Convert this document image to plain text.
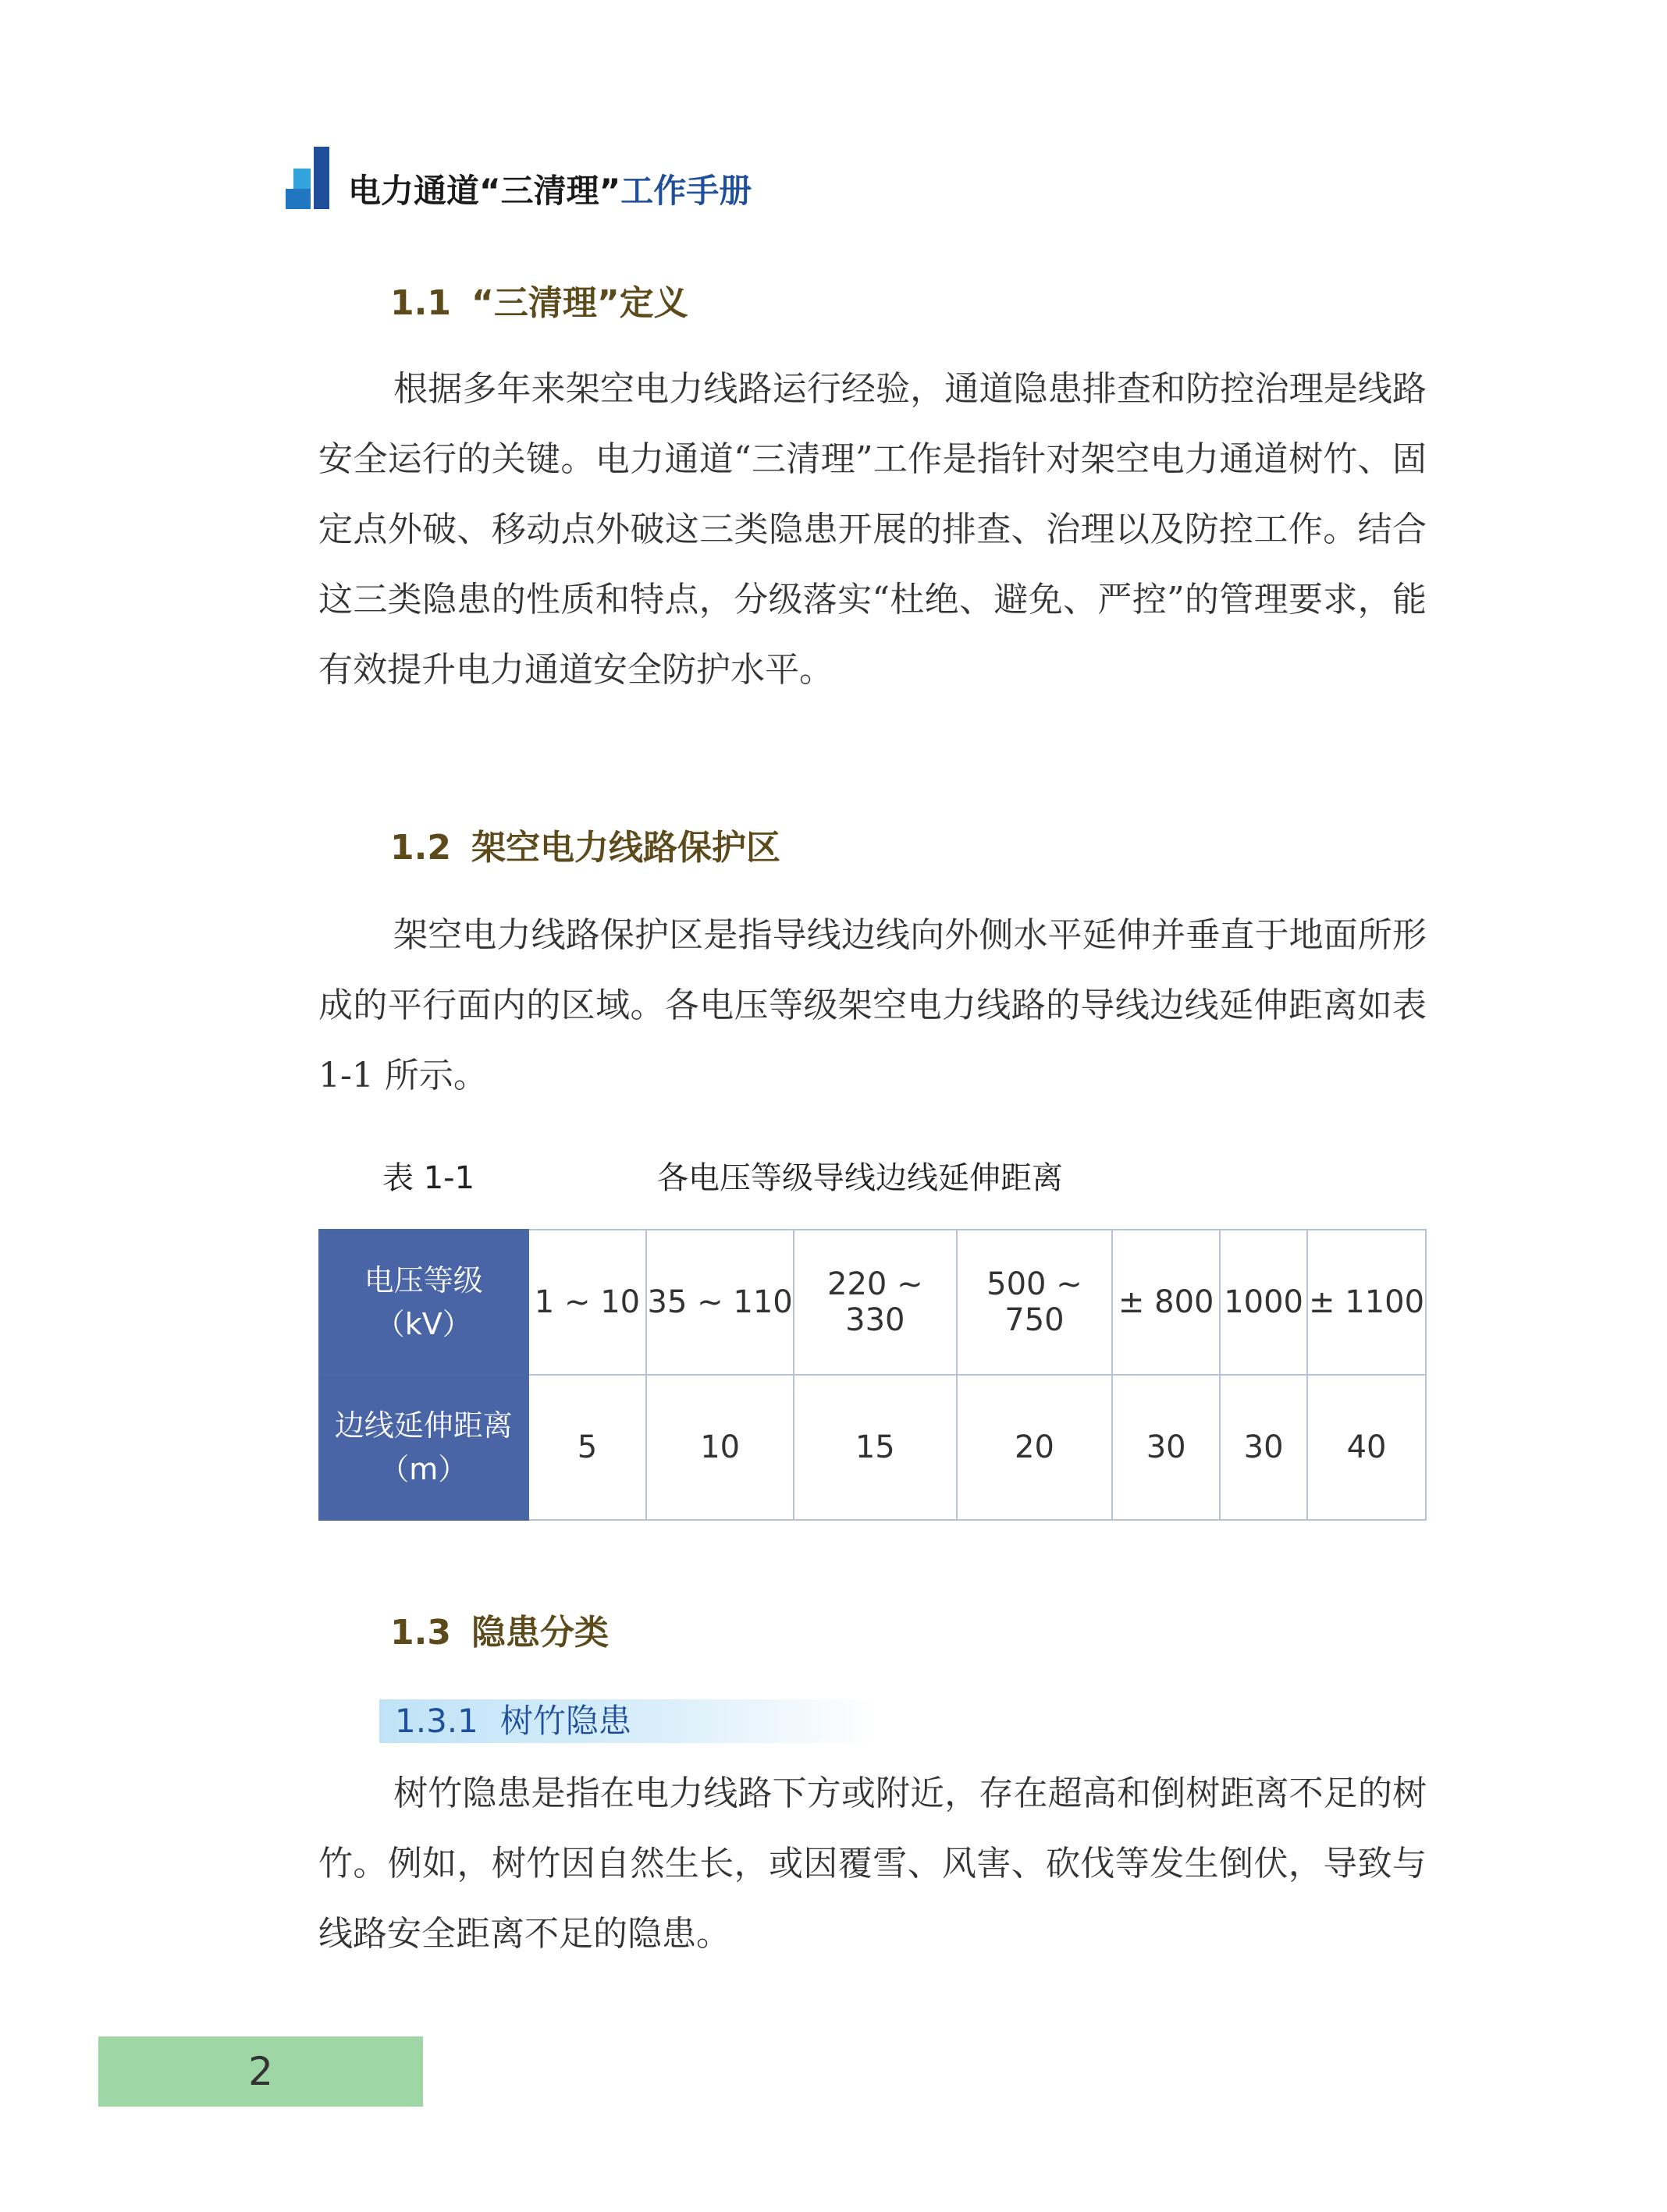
电力通道“三清理”工作手册
1.1 “三清理”定义
根据多年来架空电力线路运行经验，通道隐患排查和防控治理是线路安全运行的关键。电力通道“三清理”工作是指针对架空电力通道树竹、固定点外破、移动点外破这三类隐患开展的排查、治理以及防控工作。结合这三类隐患的性质和特点，分级落实“杜绝、避免、严控”的管理要求，能有效提升电力通道安全防护水平。
1.2 架空电力线路保护区
架空电力线路保护区是指导线边线向外侧水平延伸并垂直于地面所形成的平行面内的区域。各电压等级架空电力线路的导线边线延伸距离如表 1-1 所示。
表 1-1	各电压等级导线边线延伸距离
电压等级
（kV）	1 ~ 10	35 ~ 110	220 ~ 330	500 ~ 750	± 800	1000	± 1100

边线延伸距离
（m）	5	10	15	20	30	30	40
1.3 隐患分类
1.3.1 树竹隐患
树竹隐患是指在电力线路下方或附近，存在超高和倒树距离不足的树竹。例如，树竹因自然生长，或因覆雪、风害、砍伐等发生倒伏，导致与线路安全距离不足的隐患。
2
